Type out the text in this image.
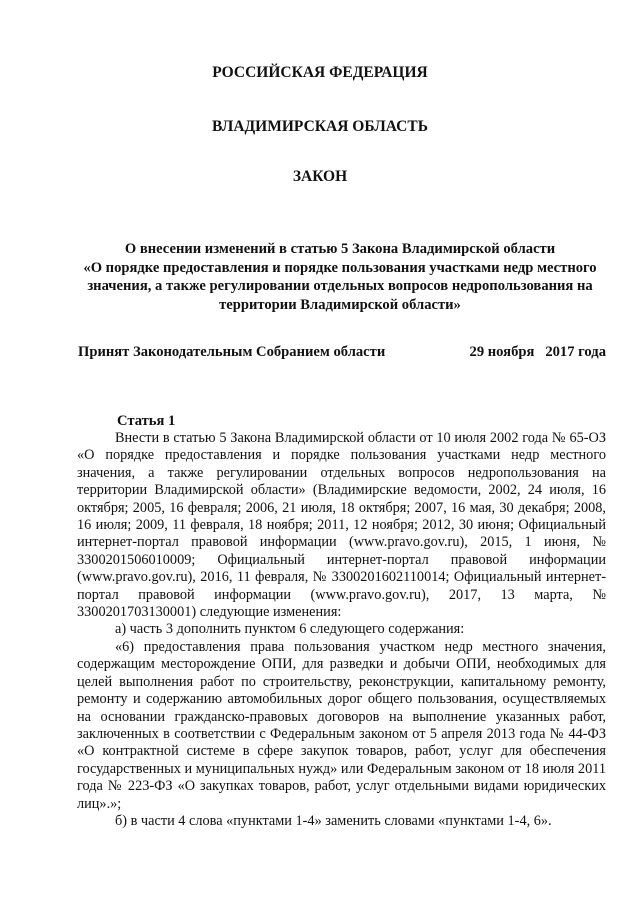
РОССИЙСКАЯ ФЕДЕРАЦИЯ
ВЛАДИМИРСКАЯ ОБЛАСТЬ
ЗАКОН
О внесении изменений в статью 5 Закона Владимирской области
«О порядке предоставления и порядке пользования участками недр местного
значения, а также регулировании отдельных вопросов недропользования на
территории Владимирской области»
Принят Законодательным Собранием области	29 ноября   2017 года
Статья 1

Внести в статью 5 Закона Владимирской области от 10 июля 2002 года № 65-ОЗ «О порядке предоставления и порядке пользования участками недр местного значения, а также регулировании отдельных вопросов недропользования на территории Владимирской области» (Владимирские ведомости, 2002, 24 июля, 16 октября; 2005, 16 февраля; 2006, 21 июля, 18 октября; 2007, 16 мая, 30 декабря; 2008, 16 июля; 2009, 11 февраля, 18 ноября; 2011, 12 ноября; 2012, 30 июня; Официальный интернет-портал правовой информации (www.pravo.gov.ru), 2015, 1 июня, № 3300201506010009; Официальный интернет-портал правовой информации (www.pravo.gov.ru), 2016, 11 февраля, № 3300201602110014; Официальный интернет-портал правовой информации (www.pravo.gov.ru), 2017, 13 марта, № 3300201703130001) следующие изменения:

а) часть 3 дополнить пунктом 6 следующего содержания:

«6) предоставления права пользования участком недр местного значения, содержащим месторождение ОПИ, для разведки и добычи ОПИ, необходимых для целей выполнения работ по строительству, реконструкции, капитальному ремонту, ремонту и содержанию автомобильных дорог общего пользования, осуществляемых на основании гражданско-правовых договоров на выполнение указанных работ, заключенных в соответствии с Федеральным законом от 5 апреля 2013 года № 44-ФЗ «О контрактной системе в сфере закупок товаров, работ, услуг для обеспечения государственных и муниципальных нужд» или Федеральным законом от 18 июля 2011 года № 223-ФЗ «О закупках товаров, работ, услуг отдельными видами юридических лиц».»;

б) в части 4 слова «пунктами 1-4» заменить словами «пунктами 1-4, 6».
